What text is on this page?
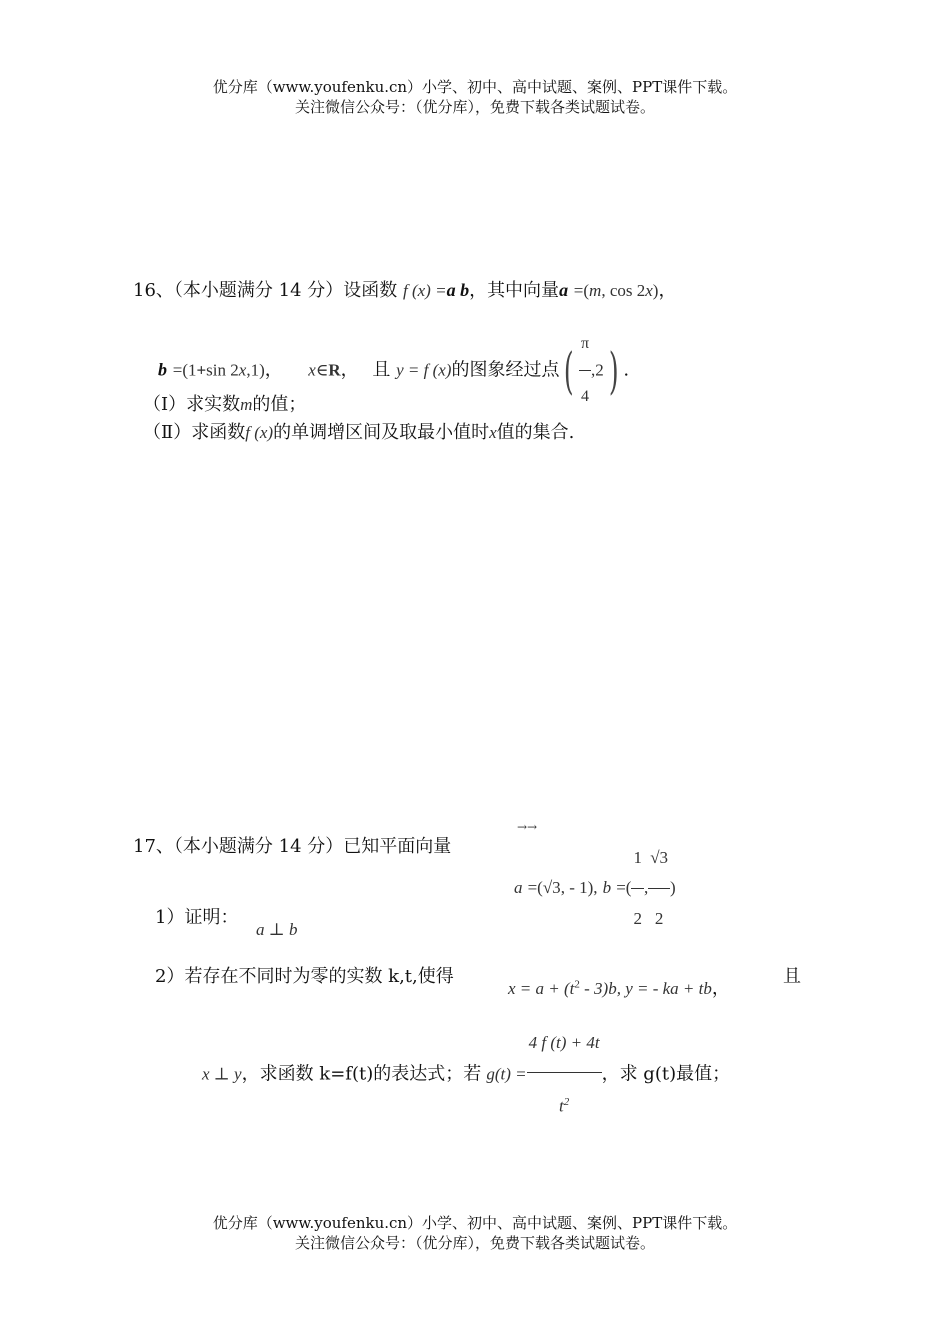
优分库（www.youfenku.cn）小学、初中、高中试题、案例、PPT课件下载。
关注微信公众号：（优分库），免费下载各类试题试卷。
16、（本小题满分 14 分）设函数 f (x) =a b，其中向量a =(m, cos 2x)，
b =(1+sin 2x,1)， x∈R， 且 y = f (x)的图象经过点( $\frac{\pi}{4} ,2$) .
（Ⅰ）求实数m的值；
（Ⅱ）求函数f (x)的单调增区间及取最小值时x值的集合.
17、（本小题满分 14 分）已知平面向量
→→
a =(√3, - 1), b =( $\frac{1}{2}$ , $\frac{√3}{2}$ )
1）证明：
a ⊥ b
2）若存在不同时为零的实数 k,t,使得
$x = a + (t^2 - 3)b$, y = - ka + tb，
且
x ⊥ y，求函数 k=f(t)的表达式；若 $g(t) = \frac{4 f (t) + 4t}{t^2}$ ，求 g(t)最值；
优分库（www.youfenku.cn）小学、初中、高中试题、案例、PPT课件下载。
关注微信公众号：（优分库），免费下载各类试题试卷。
